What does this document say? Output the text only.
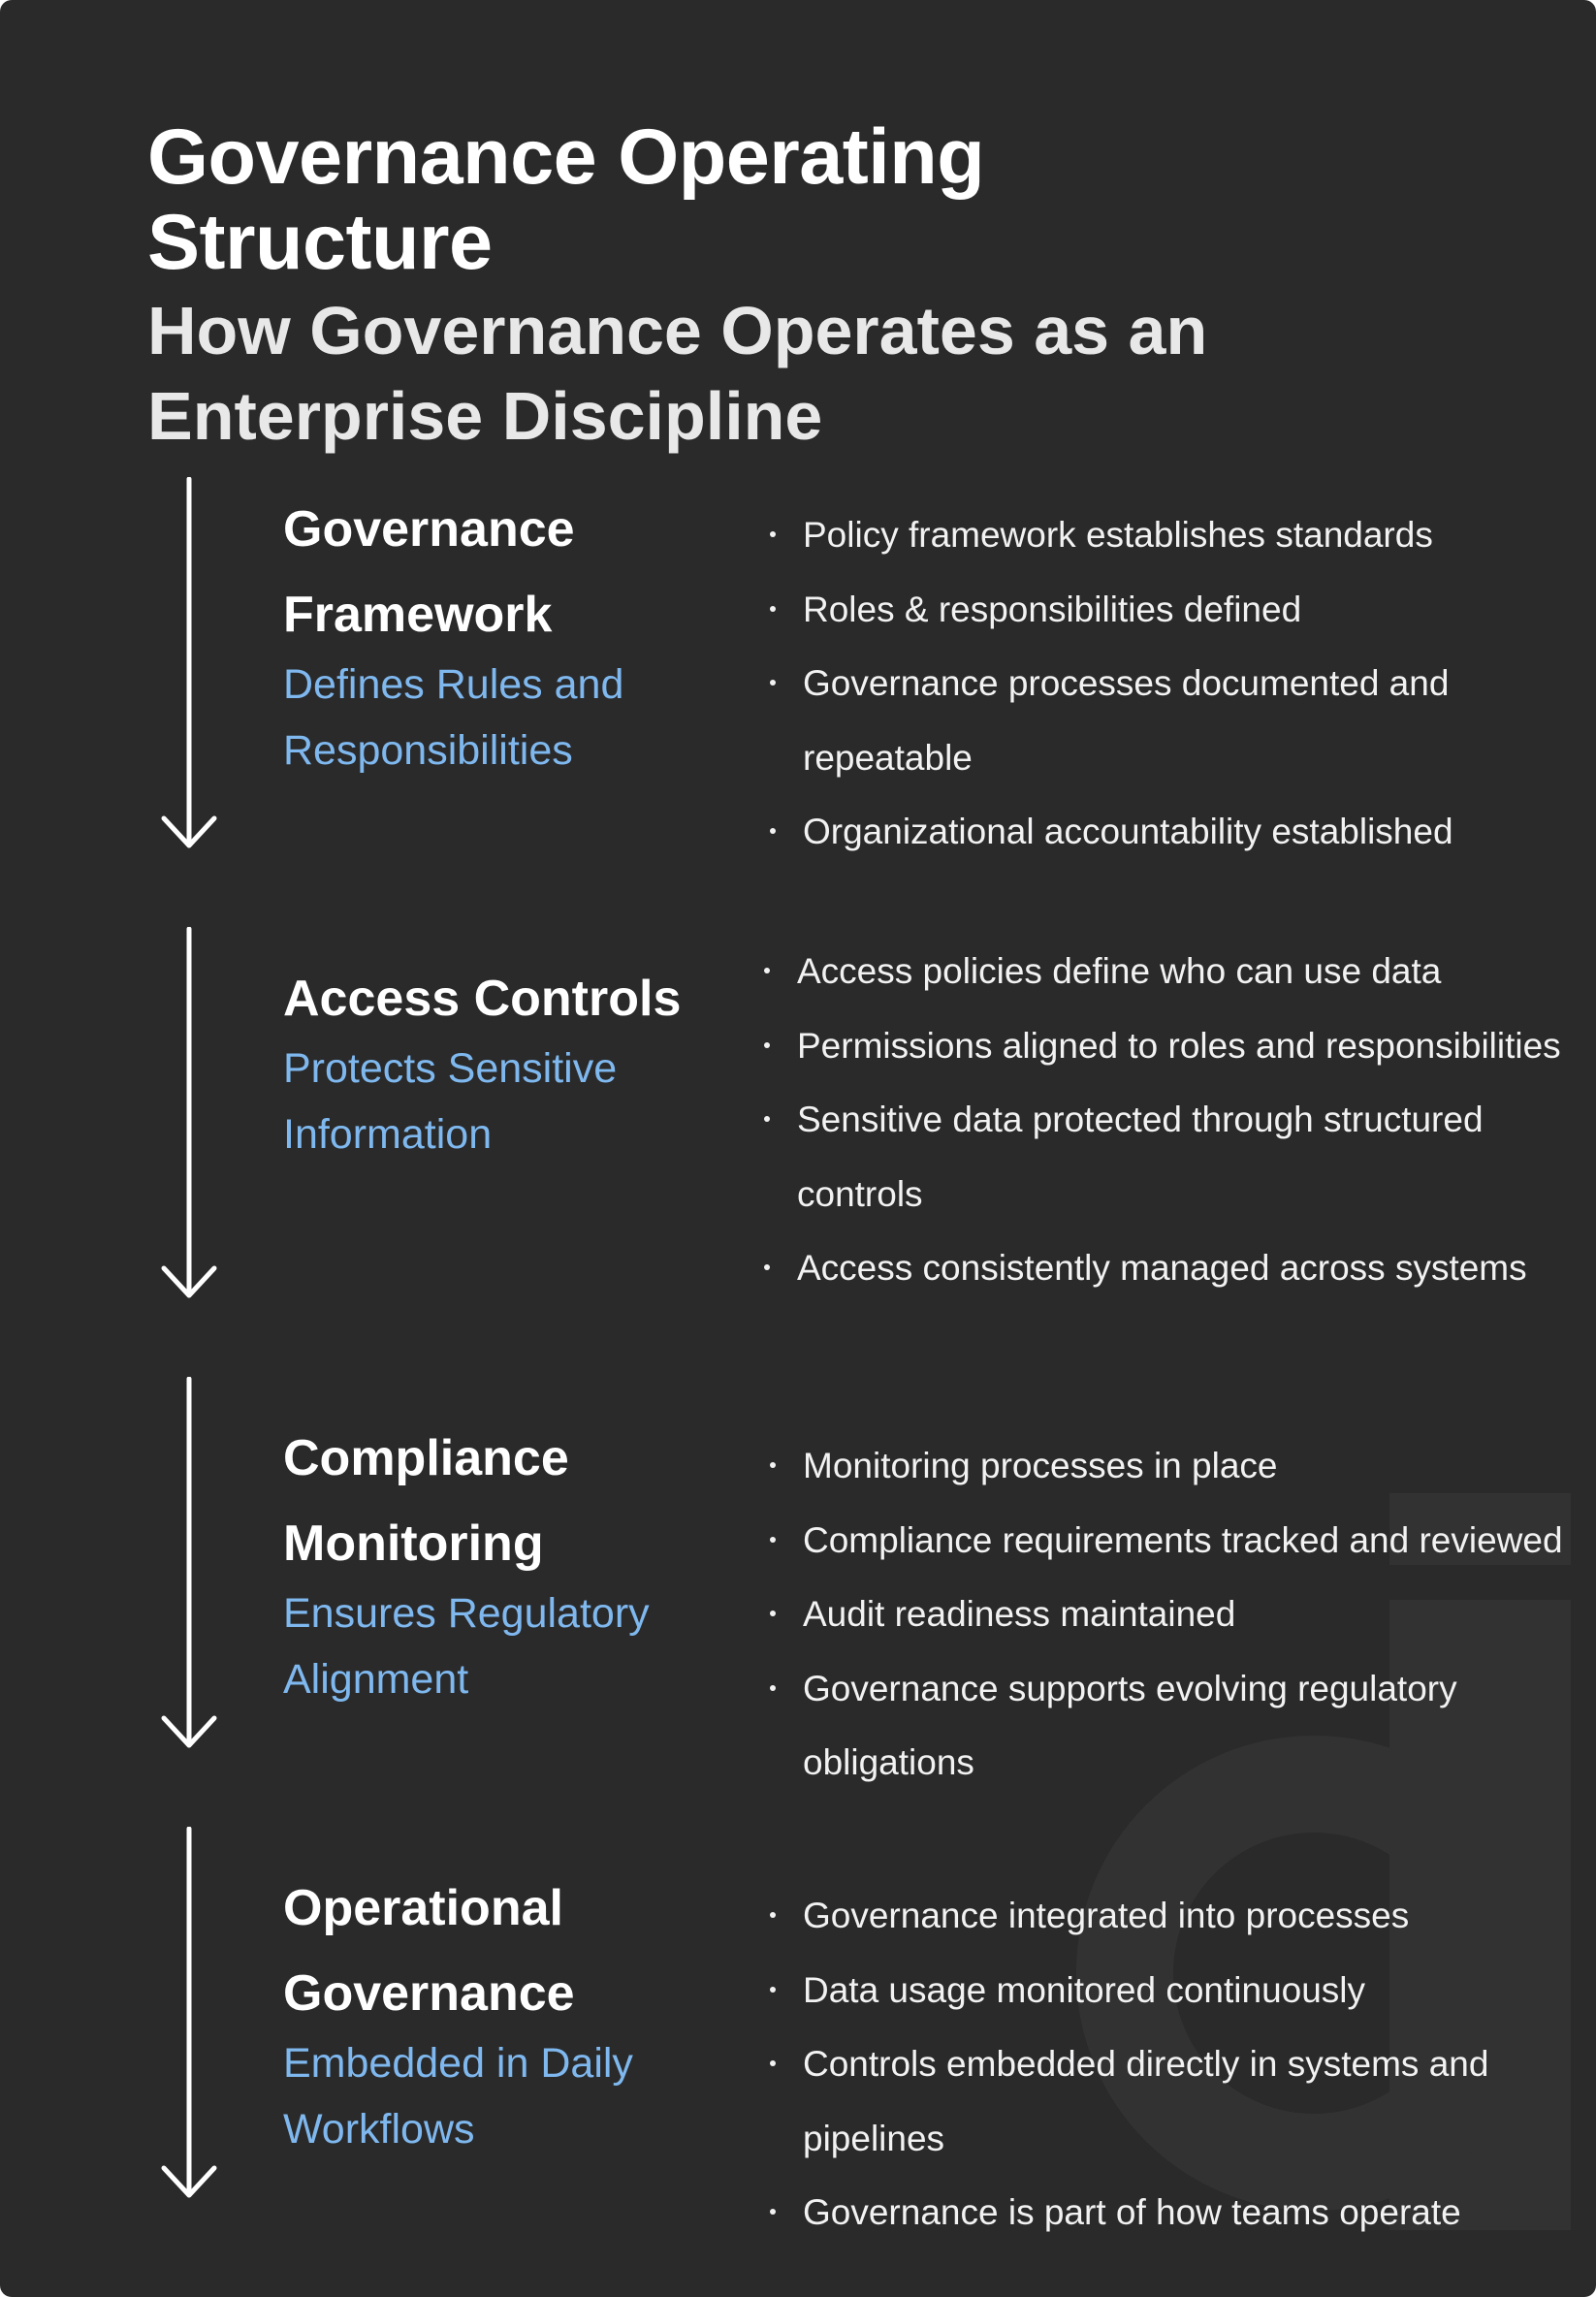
Governance Operating Structure
How Governance Operates as an Enterprise Discipline
Governance Framework

Defines Rules and Responsibilities

Policy framework establishes standards
Roles & responsibilities defined
Governance processes documented and repeatable
Organizational accountability established
Access Controls

Protects Sensitive Information

Access policies define who can use data
Permissions aligned to roles and responsibilities
Sensitive data protected through structured controls
Access consistently managed across systems
Compliance Monitoring

Ensures Regulatory Alignment

Monitoring processes in place
Compliance requirements tracked and reviewed
Audit readiness maintained
Governance supports evolving regulatory obligations
Operational Governance

Embedded in Daily Workflows

Governance integrated into processes
Data usage monitored continuously
Controls embedded directly in systems and pipelines
Governance is part of how teams operate
